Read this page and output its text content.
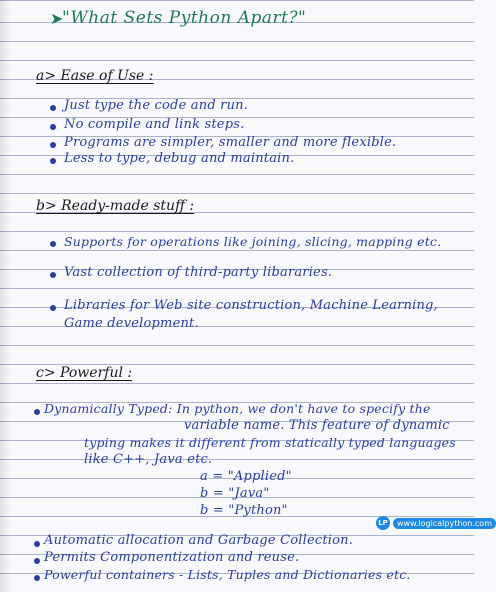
➤
"What Sets Python Apart?"
a> Ease of Use :
Just type the code and run.
No compile and link steps.
Programs are simpler, smaller and more flexible.
Less to type, debug and maintain.
b> Ready-made stuff :
Supports for operations like joining, slicing, mapping etc.
Vast collection of third-party libararies.
Libraries for Web site construction, Machine Learning,
Game development.
c> Powerful :
Dynamically Typed: In python, we don't have to specify the
variable name. This feature of dynamic
typing makes it different from statically typed languages
like C++, Java etc.
a = "Applied"
b = "Java"
b = "Python"
Automatic allocation and Garbage Collection.
Permits Componentization and reuse.
Powerful containers - Lists, Tuples and Dictionaries etc.
LP	www.logicalpython.com
